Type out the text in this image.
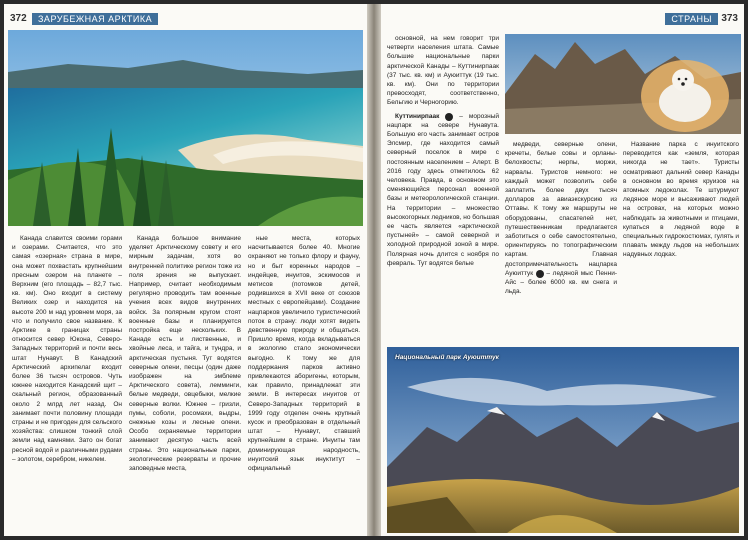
372	ЗАРУБЕЖНАЯ АРКТИКА

Канада славится своими горами и озерами. Считается, что это самая «озерная» страна в мире, она может похвастать крупнейшим пресным озером на планете – Верхним (его площадь – 82,7 тыс. кв. км). Оно входит в систему Великих озер и находится на высоте 200 м над уровнем моря, за что и получило свое название. К Арктике в границах страны относится север Юкона, Северо-Западных территорий и почти весь штат Нунавут. В Канадский Арктический архипелаг входит более 36 тысяч островов. Чуть южнее находится Канадский щит – скальный регион, образованный около 2 млрд лет назад. Он занимает почти половину площади страны и не пригоден для сельского хозяйства: слишком тонкий слой земли над камнями. Зато он богат ресной водой и различными рудами – золотом, серебром, никелем.

Канада большое внимание уделяет Арктическому совету и его мирным задачам, хотя во внутренней политике регион тоже из поля зрения не выпускает. Например, считает необходимым регулярно проводить там военные учения всех видов внутренних войск. За полярным кругом стоят военные базы и планируется постройка еще нескольких. В Канаде есть и лиственные, и хвойные леса, и тайга, и тундра, и арктическая пустыня. Тут водятся северные олени, песцы (один даже изображен на эмблеме Арктического совета), лемминги, белые медведи, овцебыки, мелкие северные волки. Южнее – гризли, пумы, соболи, росомахи, выдры, снежные козы и лесные олени. Особо охраняемые территории занимают десятую часть всей страны. Это национальные парки, экологические резерваты и прочие заповедные места,

ные места, которых насчитывается более 40. Многие охраняют не только флору и фауну, но и быт коренных народов – индейцев, инуитов, эскимосов и метисов (потомков детей, родившихся в XVII веке от союзов местных с европейцами). Создание нацпарков увеличило туристический поток в страну: люди хотят видеть девственную природу и общаться. Пришло время, когда вкладываться в экологию стало экономически выгодно. К тому же для поддержания парков активно привлекаются аборигены, которым, как правило, принадлежат эти земли. В интересах инуитов от Северо-Западных территорий в 1999 году отделен очень крупный кусок и преобразован в отдельный штат – Нунавут, ставший крупнейшим в стране. Инуиты там доминирующая народность, инуитский язык инуктитут – официальный

СТРАНЫ 373

основной, на нем говорит три четверти населения штата. Самые большие национальные парки арктической Канады – Куттинирпаак (37 тыс. кв. км) и Ауюиттук (19 тыс. кв. км). Они по территории превосходят, соответственно, Бельгию и Черногорию.

Куттинирпаак 2 – морозный нацпарк на севере Нунавута. Большую его часть занимает остров Элсмир, где находится самый северный поселок в мире с постоянным населением – Алерт. В 2016 году здесь отметилось 62 человека. Правда, в основном это сменяющийся персонал военной базы и метеорологической станции. На территории – множество высокогорных ледников, но большая ее часть является «арктической пустыней» – самой северной и холодной природной зоной в мире. Полярная ночь длится с ноября по февраль. Тут водятся белые

медведи, северные олени, кречеты, белые совы и орланы-белохвосты; нерпы, моржи, нарвалы. Туристов немного: не каждый может позволить себе заплатить более двух тысяч долларов за авиаэкскурсию из Оттавы. К тому же маршруты не оборудованы, спасателей нет, путешественникам предлагается заботиться о себе самостоятельно, ориентируясь по топографическим картам. Главная достопримечательность нацпарка Ауюиттук 3 – ледяной мыс Пенни-Айс – более 6000 кв. км снега и льда.

Название парка с инуитского переводится как «земля, которая никогда не тает». Туристы осматривают дальний север Канады в основном во время круизов на атомных ледоколах. Те штурмуют ледяное море и высаживают людей на островах, на которых можно наблюдать за животными и птицами, купаться в ледяной воде в специальных гидрокостюмах, гулять и плавать между льдов на небольших надувных лодках.

Национальный парк Ауюиттук
